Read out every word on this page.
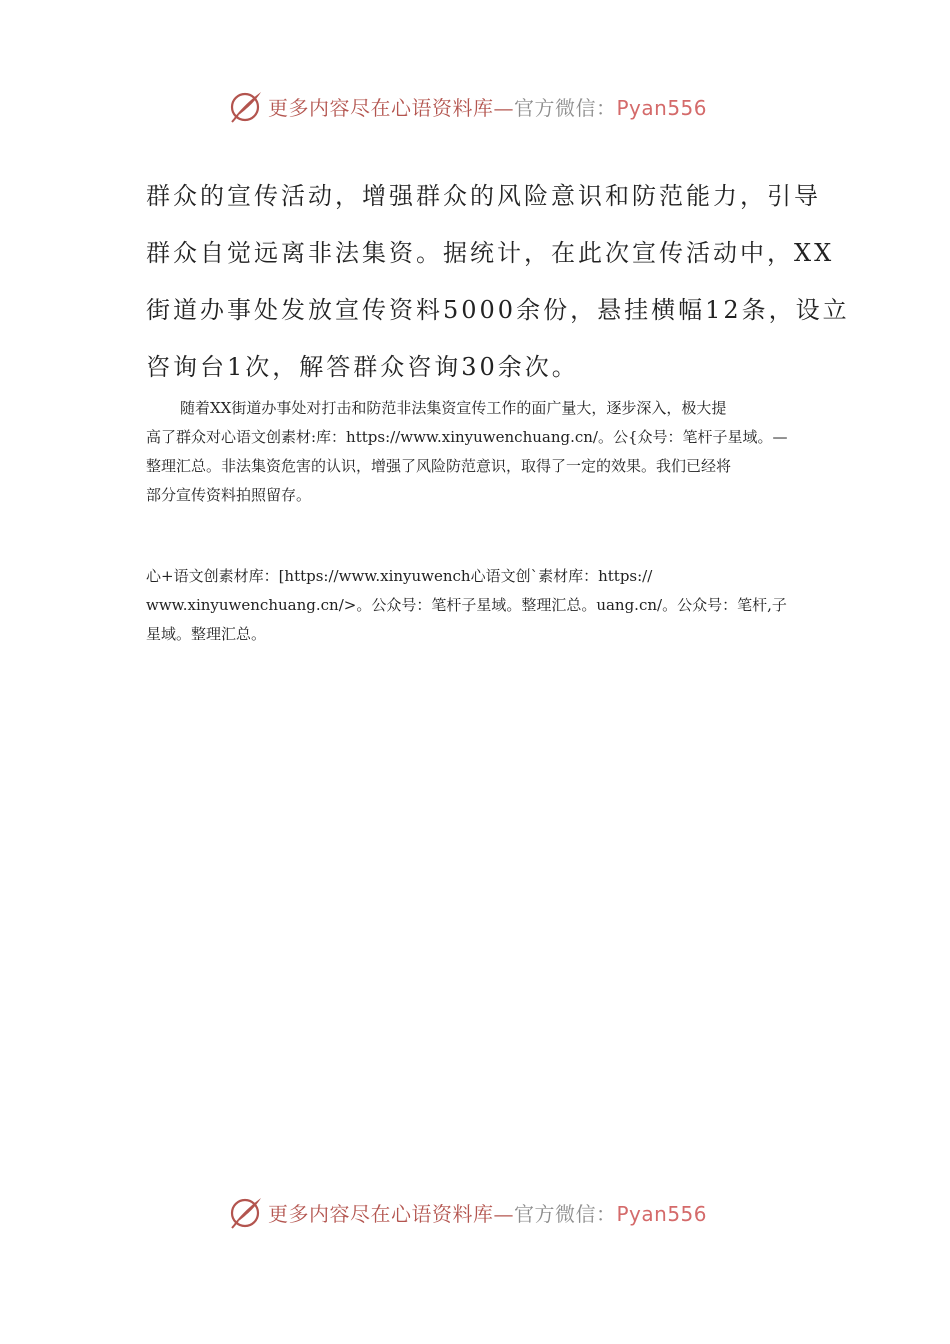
更多内容尽在心语资料库—官方微信：Pyan556
群众的宣传活动，增强群众的风险意识和防范能力，引导
群众自觉远离非法集资。据统计，在此次宣传活动中，XX
街道办事处发放宣传资料5000余份，悬挂横幅12条，设立
咨询台1次，解答群众咨询30余次。
随着XX街道办事处对打击和防范非法集资宣传工作的面广量大，逐步深入，极大提
高了群众对心语文创素材:库：https://www.xinyuwenchuang.cn/。公{众号：笔杆子星域。—
整理汇总。非法集资危害的认识，增强了风险防范意识，取得了一定的效果。我们已经将
部分宣传资料拍照留存。
心+语文创素材库：[https://www.xinyuwench心语文创`素材库：https://
www.xinyuwenchuang.cn/>。公众号：笔杆子星域。整理汇总。uang.cn/。公众号：笔杆,子
星域。整理汇总。
更多内容尽在心语资料库—官方微信：Pyan556
